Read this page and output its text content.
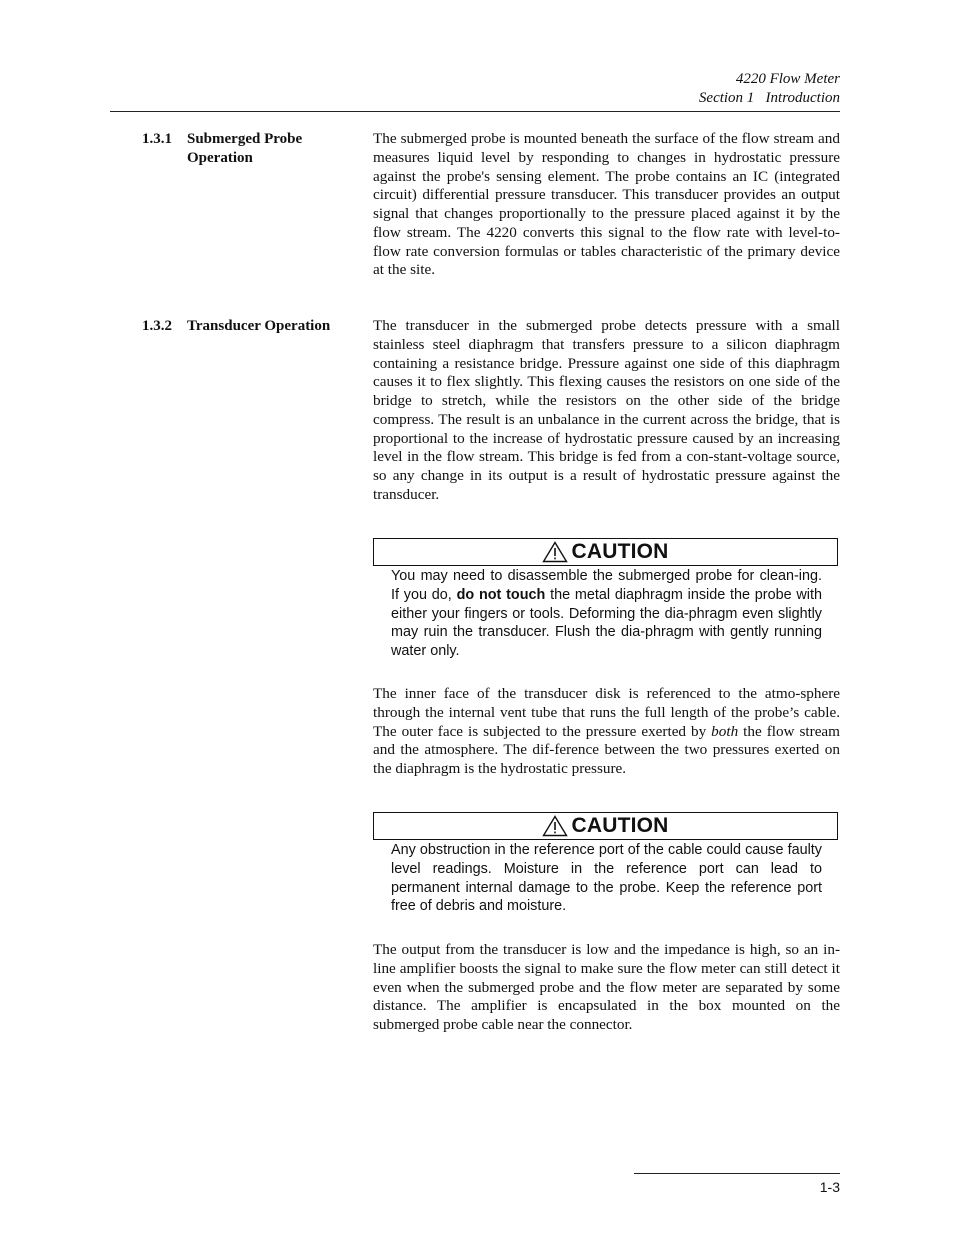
4220 Flow Meter
Section 1   Introduction
1.3.1 Submerged Probe
Operation

The submerged probe is mounted beneath the surface of the flow stream and measures liquid level by responding to changes in hydrostatic pressure against the probe's sensing element. The probe contains an IC (integrated circuit) differential pressure transducer. This transducer provides an output signal that changes proportionally to the pressure placed against it by the flow stream. The 4220 converts this signal to the flow rate with level-to-flow rate conversion formulas or tables characteristic of the primary device at the site.

1.3.2 Transducer Operation	The transducer in the submerged probe detects pressure with a small stainless steel diaphragm that transfers pressure to a silicon diaphragm containing a resistance bridge. Pressure against one side of this diaphragm causes it to flex slightly. This flexing causes the resistors on one side of the bridge to stretch, while the resistors on the other side of the bridge compress. The result is an unbalance in the current across the bridge, that is proportional to the increase of hydrostatic pressure caused by an increasing level in the flow stream. This bridge is fed from a con-stant-voltage source, so any change in its output is a result of hydrostatic pressure against the transducer.

CAUTION

You may need to disassemble the submerged probe for clean-ing. If you do, do not touch the metal diaphragm inside the probe with either your fingers or tools. Deforming the dia-phragm even slightly may ruin the transducer. Flush the dia-phragm with gently running water only.

The inner face of the transducer disk is referenced to the atmo-sphere through the internal vent tube that runs the full length of the probe’s cable. The outer face is subjected to the pressure exerted by both the flow stream and the atmosphere. The dif-ference between the two pressures exerted on the diaphragm is the hydrostatic pressure.

CAUTION

Any obstruction in the reference port of the cable could cause faulty level readings. Moisture in the reference port can lead to permanent internal damage to the probe. Keep the reference port free of debris and moisture.

The output from the transducer is low and the impedance is high, so an in-line amplifier boosts the signal to make sure the flow meter can still detect it even when the submerged probe and the flow meter are separated by some distance. The amplifier is encapsulated in the box mounted on the submerged probe cable near the connector.

1-3
